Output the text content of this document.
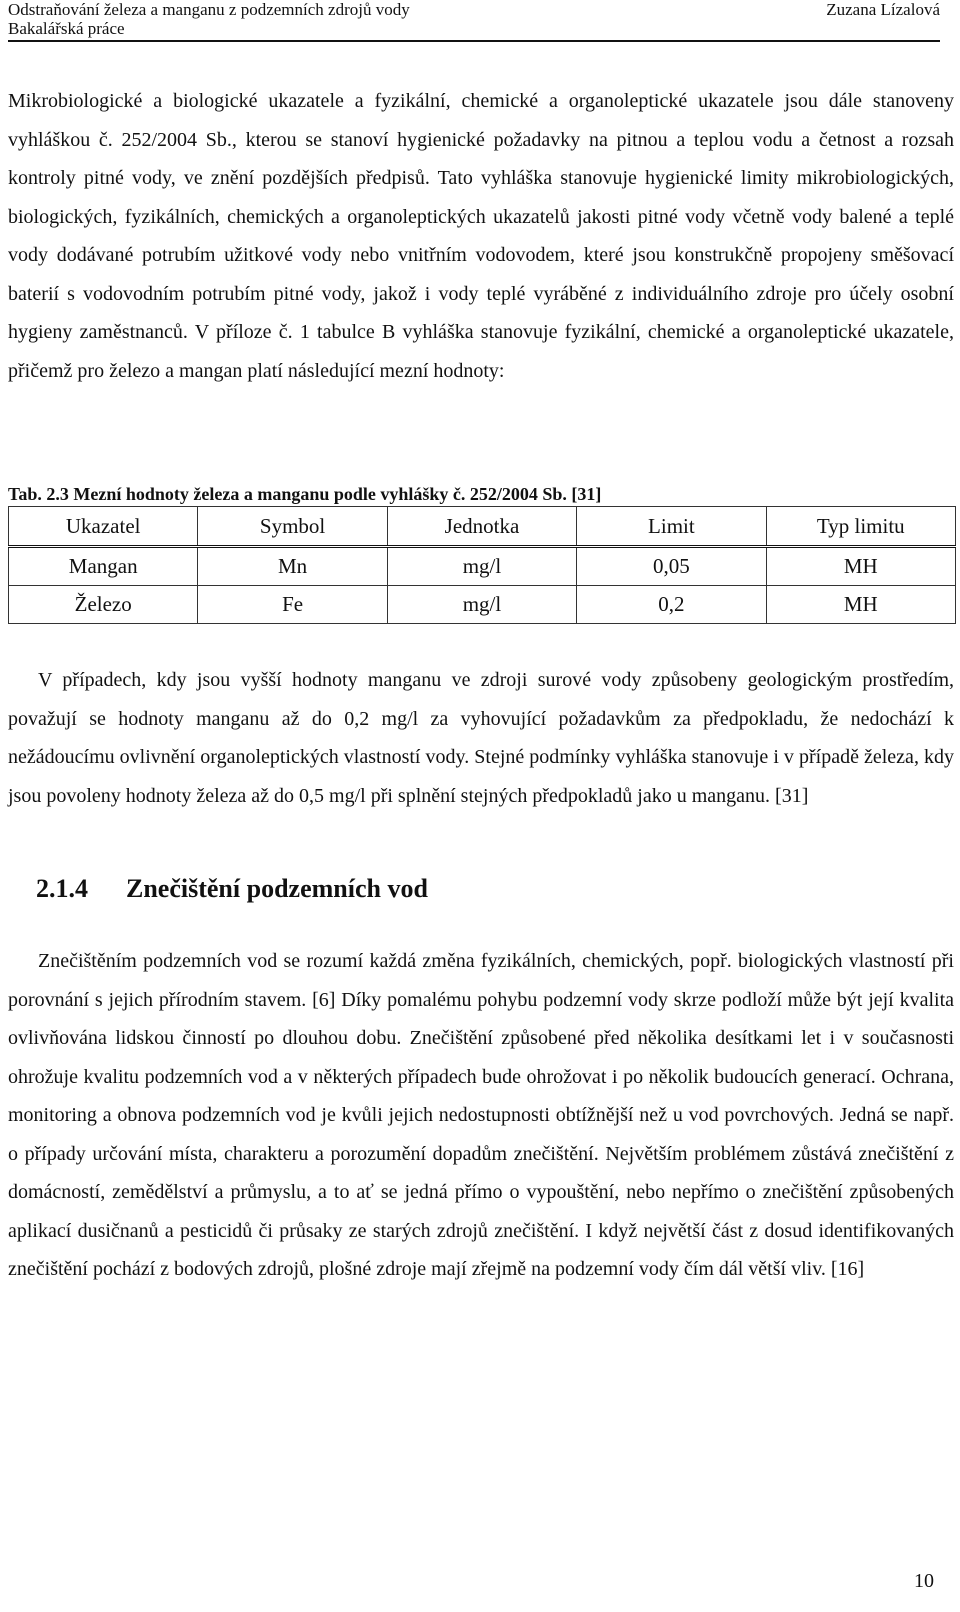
Odstraňování železa a manganu z podzemních zdrojů vody
Bakalářská práce
Zuzana Lízalová

Mikrobiologické a biologické ukazatele a fyzikální, chemické a organoleptické ukazatele jsou dále stanoveny vyhláškou č. 252/2004 Sb., kterou se stanoví hygienické požadavky na pitnou a teplou vodu a četnost a rozsah kontroly pitné vody, ve znění pozdějších předpisů. Tato vyhláška stanovuje hygienické limity mikrobiologických, biologických, fyzikálních, chemických a organoleptických ukazatelů jakosti pitné vody včetně vody balené a teplé vody dodávané potrubím užitkové vody nebo vnitřním vodovodem, které jsou konstrukčně propojeny směšovací baterií s vodovodním potrubím pitné vody, jakož i vody teplé vyráběné z individuálního zdroje pro účely osobní hygieny zaměstnanců. V příloze č. 1 tabulce B vyhláška stanovuje fyzikální, chemické a organoleptické ukazatele, přičemž pro železo a mangan platí následující mezní hodnoty:

Tab. 2.3 Mezní hodnoty železa a manganu podle vyhlášky č. 252/2004 Sb. [31]
Ukazatel	Symbol	Jednotka	Limit	Typ limitu
Mangan	Mn	mg/l	0,05	MH
Železo	Fe	mg/l	0,2	MH

V případech, kdy jsou vyšší hodnoty manganu ve zdroji surové vody způsobeny geologickým prostředím, považují se hodnoty manganu až do 0,2 mg/l za vyhovující požadavkům za předpokladu, že nedochází k nežádoucímu ovlivnění organoleptických vlastností vody. Stejné podmínky vyhláška stanovuje i v případě železa, kdy jsou povoleny hodnoty železa až do 0,5 mg/l při splnění stejných předpokladů jako u manganu. [31]

2.1.4 Znečištění podzemních vod

Znečištěním podzemních vod se rozumí každá změna fyzikálních, chemických, popř. biologických vlastností při porovnání s jejich přírodním stavem. [6] Díky pomalému pohybu podzemní vody skrze podloží může být její kvalita ovlivňována lidskou činností po dlouhou dobu. Znečištění způsobené před několika desítkami let i v současnosti ohrožuje kvalitu podzemních vod a v některých případech bude ohrožovat i po několik budoucích generací. Ochrana, monitoring a obnova podzemních vod je kvůli jejich nedostupnosti obtížnější než u vod povrchových. Jedná se např. o případy určování místa, charakteru a porozumění dopadům znečištění. Největším problémem zůstává znečištění z domácností, zemědělství a průmyslu, a to ať se jedná přímo o vypouštění, nebo nepřímo o znečištění způsobených aplikací dusičnanů a pesticidů či průsaky ze starých zdrojů znečištění. I když největší část z dosud identifikovaných znečištění pochází z bodových zdrojů, plošné zdroje mají zřejmě na podzemní vody čím dál větší vliv. [16]

10
